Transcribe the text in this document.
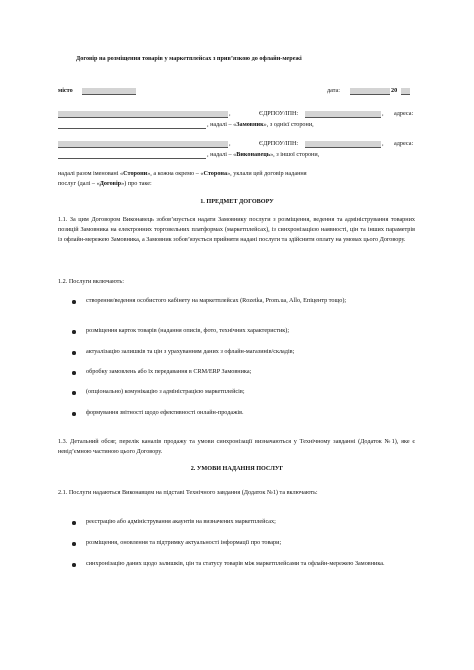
Договір на розміщення товарів у маркетплейсах з прив’язкою до офлайн-мережі
місто	дата:	20
,	ЄДРПОУ/ІПН:	, адреса:
, надалі – «Замовник», з однієї сторони,
,	ЄДРПОУ/ІПН:	, адреса:
, надалі – «Виконавець», з іншої сторони,
надалі разом іменовані «Сторони», а кожна окремо – «Сторона», уклали цей договір надання
послуг (далі – «Договір») про таке:
1. ПРЕДМЕТ ДОГОВОРУ
1.1. За цим Договором Виконавець зобов’язується надати Замовнику послуги з розміщення, ведення та адміністрування товарних позицій Замовника на електронних торговельних платформах (маркетплейсах), із синхронізацією наявності, цін та інших параметрів із офлайн-мережею Замовника, а Замовник зобов’язується прийняти надані послуги та здійснити оплату на умовах цього Договору.
1.2. Послуги включають:
створення/ведення особистого кабінету на маркетплейсах (Rozetka, Prom.ua, Allo, Епіцентр тощо);
розміщення карток товарів (надання описів, фото, технічних характеристик);
актуалізацію залишків та цін з урахуванням даних з офлайн-магазинів/складів;
обробку замовлень або їх передавання в CRM/ERP Замовника;
(опціонально) комунікацію з адміністрацією маркетплейсів;
формування звітності щодо ефективності онлайн-продажів.
1.3. Детальний обсяг, перелік каналів продажу та умови синхронізації визначаються у Технічному завданні (Додаток №1), яке є невід’ємною частиною цього Договору.
2. УМОВИ НАДАННЯ ПОСЛУГ
2.1. Послуги надаються Виконавцем на підставі Технічного завдання (Додаток №1) та включають:
реєстрацію або адміністрування акаунтів на визначених маркетплейсах;
розміщення, оновлення та підтримку актуальності інформації про товари;
синхронізацію даних щодо залишків, цін та статусу товарів між маркетплейсами та офлайн-мережею Замовника.
